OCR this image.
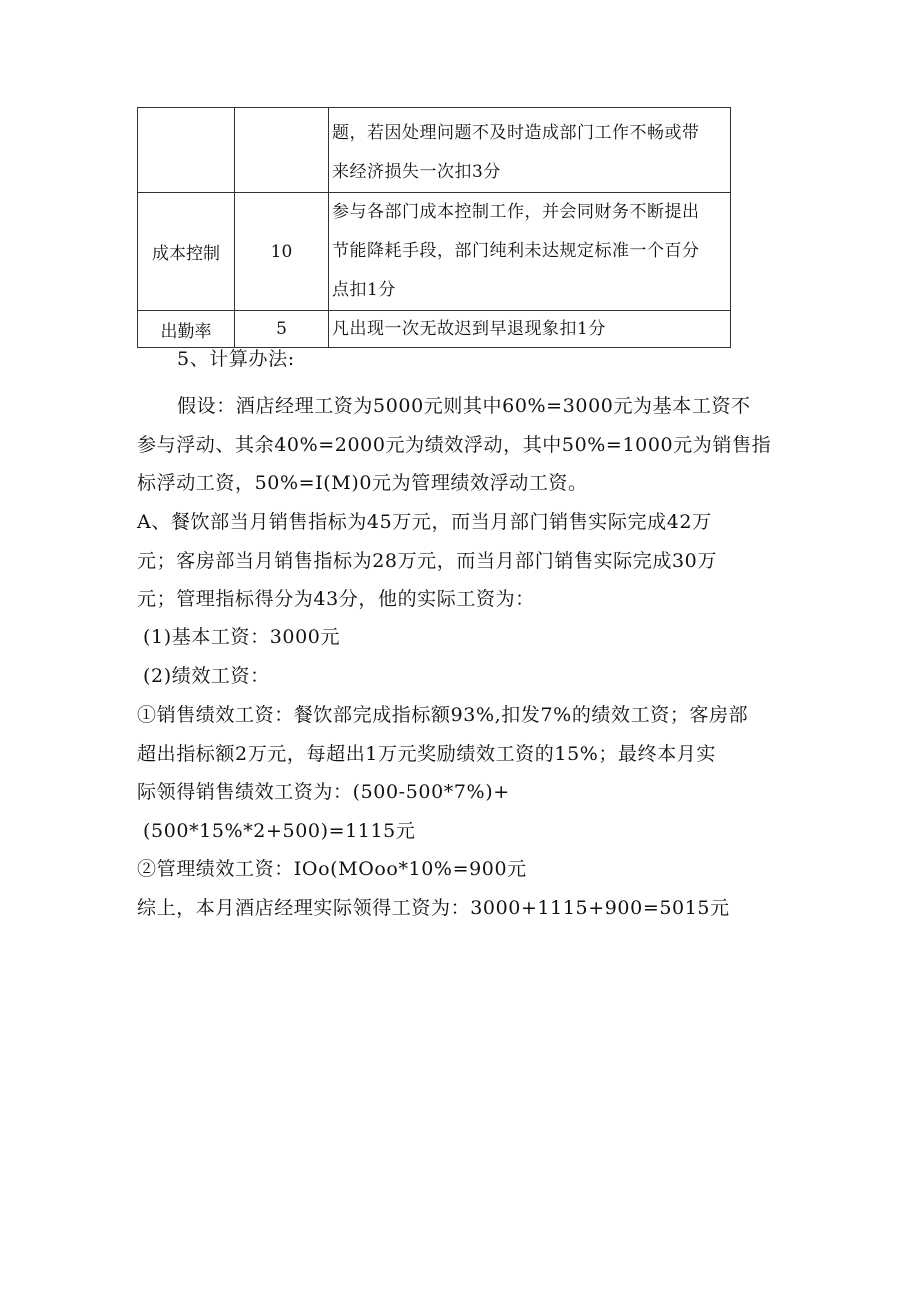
		题，若因处理问题不及时造成部门工作不畅或带
来经济损失一次扣3分

成本控制	10	参与各部门成本控制工作，并会同财务不断提出
节能降耗手段，部门纯利未达规定标准一个百分
点扣1分

出勤率	5	凡出现一次无故迟到早退现象扣1分
5、计算办法:
假设：酒店经理工资为5000元则其中60%=3000元为基本工资不
参与浮动、其余40%=2000元为绩效浮动，其中50%=1000元为销售指
标浮动工资，50%=I(M)0元为管理绩效浮动工资。
A、餐饮部当月销售指标为45万元，而当月部门销售实际完成42万
元；客房部当月销售指标为28万元，而当月部门销售实际完成30万
元；管理指标得分为43分，他的实际工资为：
(1)基本工资：3000元
(2)绩效工资：
①销售绩效工资：餐饮部完成指标额93%,扣发7%的绩效工资；客房部
超出指标额2万元，每超出1万元奖励绩效工资的15%；最终本月实
际领得销售绩效工资为：(500-500*7%)+
(500*15%*2+500)=1115元
②管理绩效工资：IOo(MOoo*10%=900元
综上，本月酒店经理实际领得工资为：3000+1115+900=5015元
